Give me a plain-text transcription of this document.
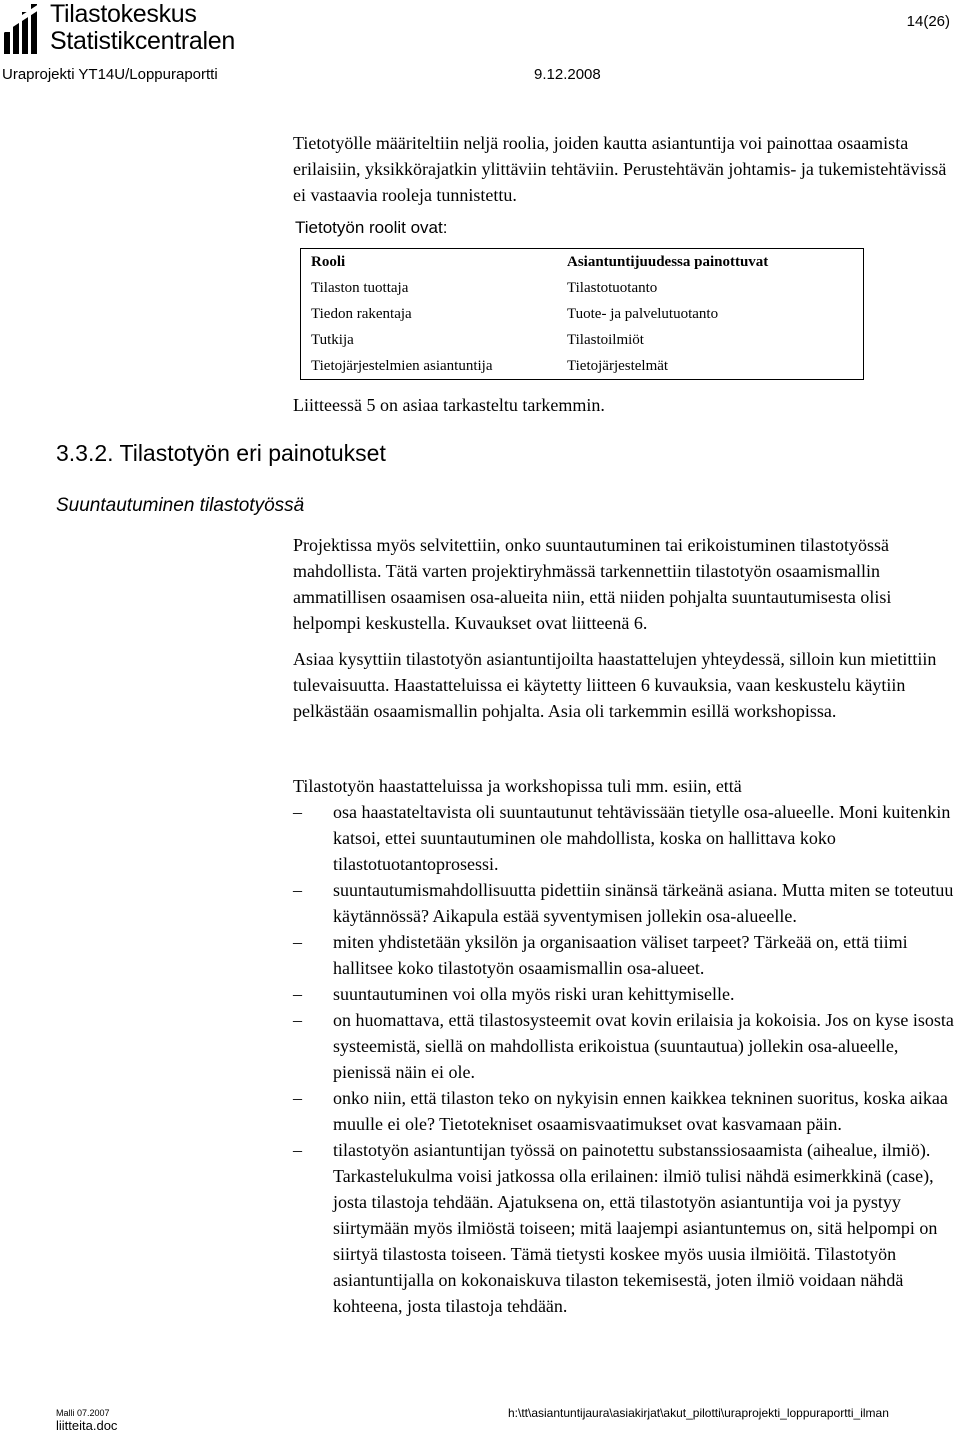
Tilastokeskus
Statistikcentralen
14(26)
Uraprojekti YT14U/Loppuraportti	9.12.2008

Tietotyölle määriteltiin neljä roolia, joiden kautta asiantuntija voi painottaa osaamista erilaisiin, yksikkörajatkin ylittäviin tehtäviin. Perustehtävän johtamis- ja tukemistehtävissä ei vastaavia rooleja tunnistettu.

Tietotyön roolit ovat:
Rooli	Asiantuntijuudessa painottuvat
Tilaston tuottaja	Tilastotuotanto
Tiedon rakentaja	Tuote- ja palvelutuotanto
Tutkija	Tilastoilmiöt
Tietojärjestelmien asiantuntija	Tietojärjestelmät
Liitteessä 5 on asiaa tarkasteltu tarkemmin.
3.3.2. Tilastotyön eri painotukset
Suuntautuminen tilastotyössä

Projektissa myös selvitettiin, onko suuntautuminen tai erikoistuminen tilastotyössä mahdollista. Tätä varten projektiryhmässä tarkennettiin tilastotyön osaamismallin ammatillisen osaamisen osa-alueita niin, että niiden pohjalta suuntautumisesta olisi helpompi keskustella. Kuvaukset ovat liitteenä 6.

Asiaa kysyttiin tilastotyön asiantuntijoilta haastattelujen yhteydessä, silloin kun mietittiin tulevaisuutta. Haastatteluissa ei käytetty liitteen 6 kuvauksia, vaan keskustelu käytiin pelkästään osaamismallin pohjalta. Asia oli tarkemmin esillä workshopissa.

Tilastotyön haastatteluissa ja workshopissa tuli mm. esiin, että
– osa haastateltavista oli suuntautunut tehtävissään tietylle osa-alueelle. Moni kuitenkin katsoi, ettei suuntautuminen ole mahdollista, koska on hallittava koko tilastotuotantoprosessi.
– suuntautumismahdollisuutta pidettiin sinänsä tärkeänä asiana. Mutta miten se toteutuu käytännössä? Aikapula estää syventymisen jollekin osa-alueelle.
– miten yhdistetään yksilön ja organisaation väliset tarpeet? Tärkeää on, että tiimi hallitsee koko tilastotyön osaamismallin osa-alueet.
– suuntautuminen voi olla myös riski uran kehittymiselle.
– on huomattava, että tilastosysteemit ovat kovin erilaisia ja kokoisia. Jos on kyse isosta systeemistä, siellä on mahdollista erikoistua (suuntautua) jollekin osa-alueelle, pienissä näin ei ole.
– onko niin, että tilaston teko on nykyisin ennen kaikkea tekninen suoritus, koska aikaa muulle ei ole? Tietotekniset osaamisvaatimukset ovat kasvamaan päin.
– tilastotyön asiantuntijan työssä on painotettu substanssiosaamista (aihealue, ilmiö). Tarkastelukulma voisi jatkossa olla erilainen: ilmiö tulisi nähdä esimerkkinä (case), josta tilastoja tehdään. Ajatuksena on, että tilastotyön asiantuntija voi ja pystyy siirtymään myös ilmiöstä toiseen; mitä laajempi asiantuntemus on, sitä helpompi on siirtyä tilastosta toiseen. Tämä tietysti koskee myös uusia ilmiöitä. Tilastotyön asiantuntijalla on kokonaiskuva tilaston tekemisestä, joten ilmiö voidaan nähdä kohteena, josta tilastoja tehdään.
Malli 07.2007
liitteita.doc
h:\tt\asiantuntijaura\asiakirjat\akut_pilotti\uraprojekti_loppuraportti_ilman
